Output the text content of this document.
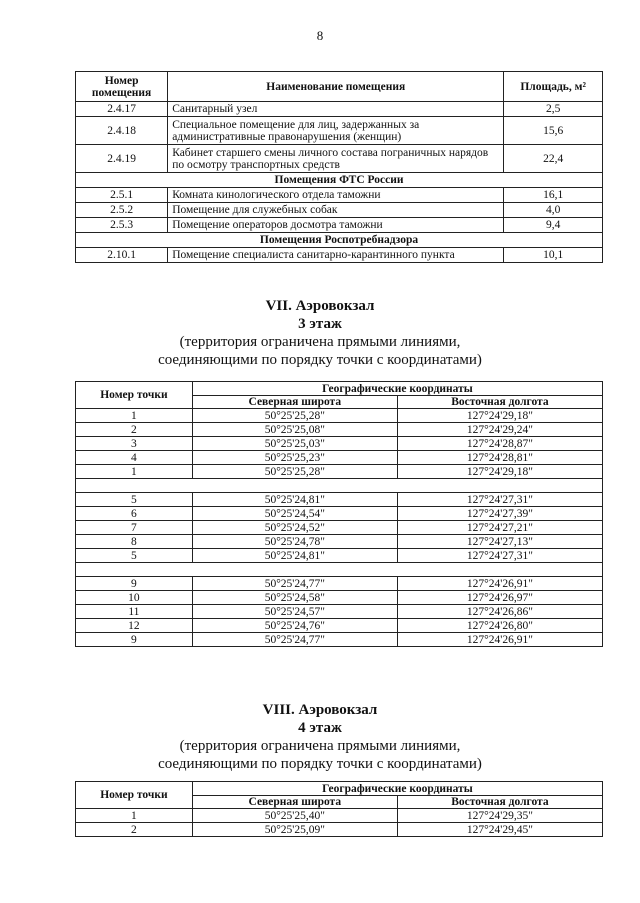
8
Номер помещения	Наименование помещения	Площадь, м²
2.4.17	Санитарный узел	2,5
2.4.18	Специальное помещение для лиц, задержанных за административные правонарушения (женщин)	15,6
2.4.19	Кабинет старшего смены личного состава пограничных нарядов по осмотру транспортных средств	22,4
Помещения ФТС России		
2.5.1	Комната кинологического отдела таможни	16,1
2.5.2	Помещение для служебных собак	4,0
2.5.3	Помещение операторов досмотра таможни	9,4
Помещения Роспотребнадзора		
2.10.1	Помещение специалиста санитарно-карантинного пункта	10,1
VII. Аэровокзал
3 этаж
(территория ограничена прямыми линиями,
соединяющими по порядку точки с координатами)
Номер точки	Географические координаты	
	Северная широта	Восточная долгота
1	50°25'25,28"	127°24'29,18"
2	50°25'25,08"	127°24'29,24"
3	50°25'25,03"	127°24'28,87"
4	50°25'25,23"	127°24'28,81"
1	50°25'25,28"	127°24'29,18"

5	50°25'24,81"	127°24'27,31"
6	50°25'24,54"	127°24'27,39"
7	50°25'24,52"	127°24'27,21"
8	50°25'24,78"	127°24'27,13"
5	50°25'24,81"	127°24'27,31"

9	50°25'24,77"	127°24'26,91"
10	50°25'24,58"	127°24'26,97"
11	50°25'24,57"	127°24'26,86"
12	50°25'24,76"	127°24'26,80"
9	50°25'24,77"	127°24'26,91"
VIII. Аэровокзал
4 этаж
(территория ограничена прямыми линиями,
соединяющими по порядку точки с координатами)
Номер точки	Географические координаты	
	Северная широта	Восточная долгота
1	50°25'25,40"	127°24'29,35"
2	50°25'25,09"	127°24'29,45"
